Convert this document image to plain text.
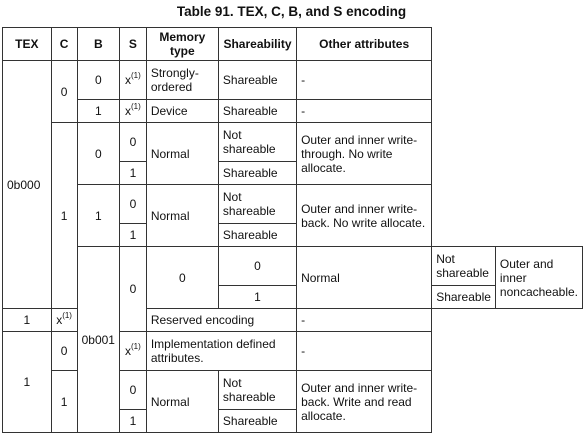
Table 91. TEX, C, B, and S encoding
TEX	C	B	S	Memory type	Shareability	Other attributes		
0b000	0	0	$x^{(1)}$	Strongly-ordered	Shareable	-		
		1	$x^{(1)}$	Device	Shareable	-		
	1	0	0	Normal	Not shareable	Outer and inner write-through. No write allocate.		
			1		Shareable			
		1	0	Normal	Not shareable	Outer and inner write-back. No write allocate.		
			1		Shareable			
		0b001	0	0	0	Normal	Not shareable	Outer and inner noncacheable.
					1		Shareable	
1	$x^{(1)}$			Reserved encoding		-		
1	0		$x^{(1)}$	Implementation defined attributes.		-		
	1		0	Normal	Not shareable	Outer and inner write-back. Write and read allocate.		
			1		Shareable			
